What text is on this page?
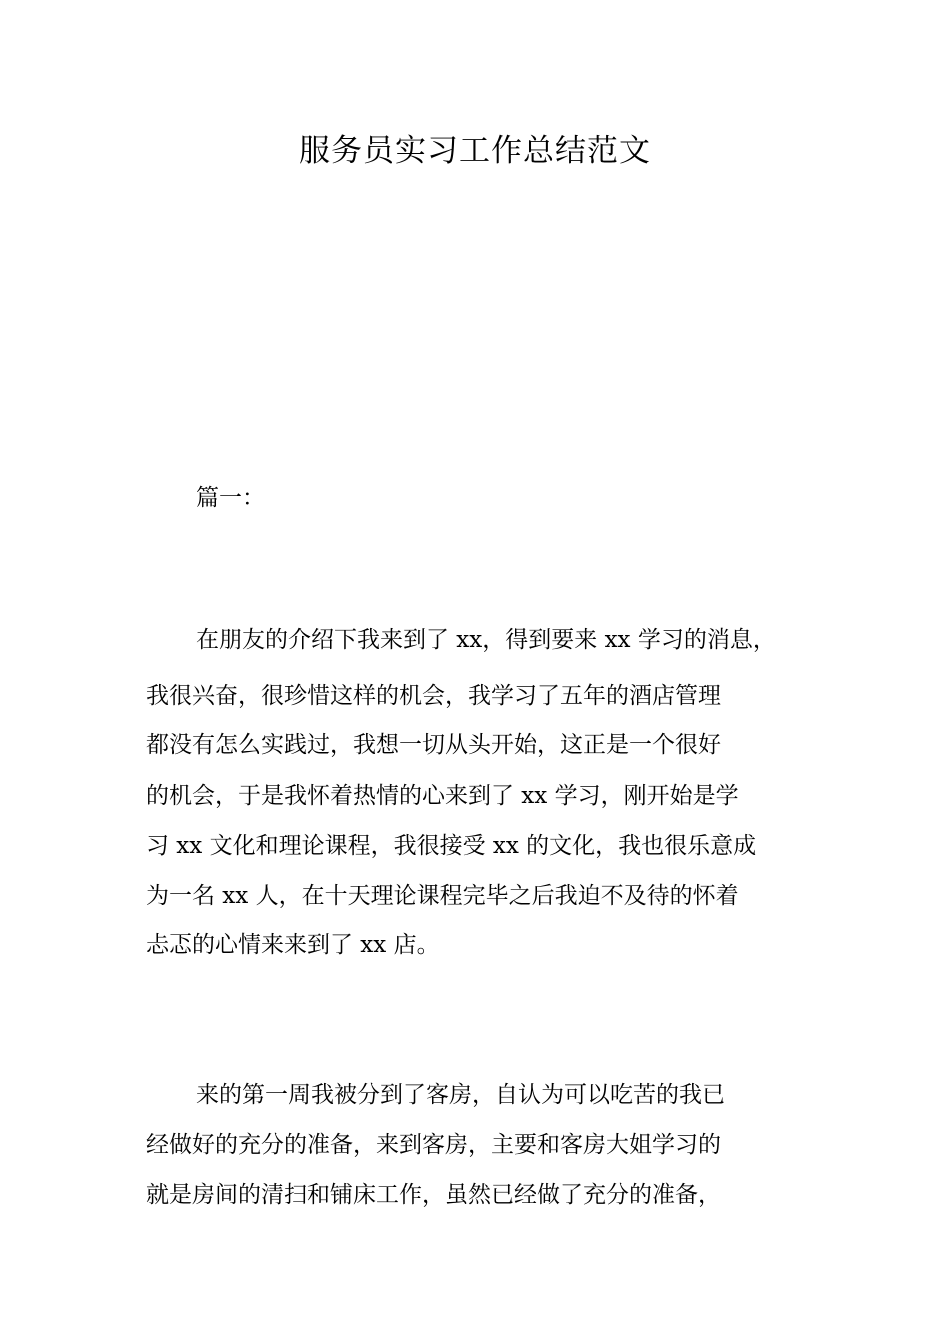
服务员实习工作总结范文
篇一：
在朋友的介绍下我来到了 xx，得到要来 xx 学习的消息，
我很兴奋，很珍惜这样的机会，我学习了五年的酒店管理
都没有怎么实践过，我想一切从头开始，这正是一个很好
的机会，于是我怀着热情的心来到了 xx 学习，刚开始是学
习 xx 文化和理论课程，我很接受 xx 的文化，我也很乐意成
为一名 xx 人，在十天理论课程完毕之后我迫不及待的怀着
忐忑的心情来来到了 xx 店。
来的第一周我被分到了客房，自认为可以吃苦的我已
经做好的充分的准备，来到客房，主要和客房大姐学习的
就是房间的清扫和铺床工作，虽然已经做了充分的准备，
